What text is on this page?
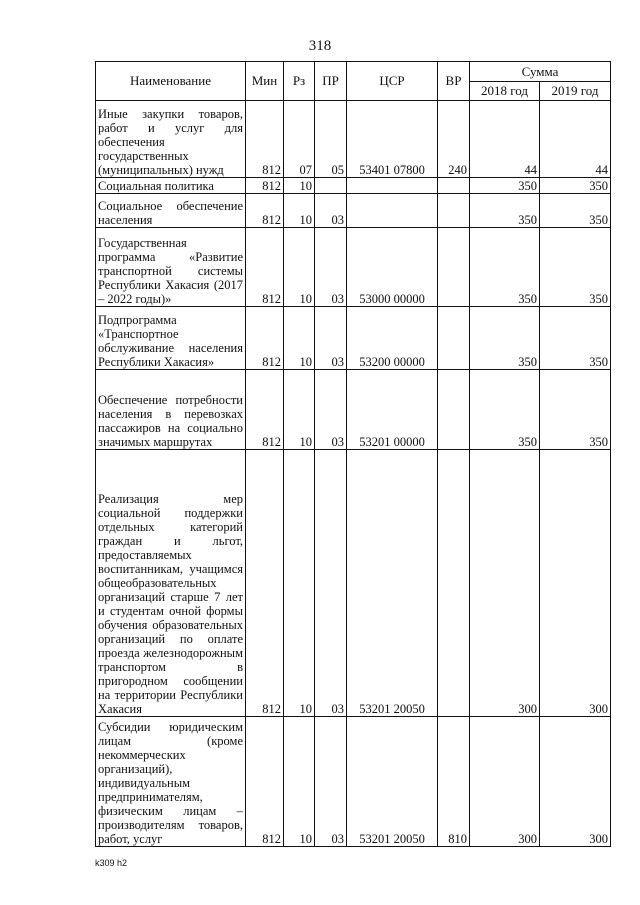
318
Наименование	Мин	Рз	ПР	ЦСР	ВР	Сумма	
						2018 год	2019 год
Иные закупки товаров, работ и услуг для обеспечения государственных (муниципальных) нужд	812	07	05	53401 07800	240	44	44
Социальная политика	812	10				350	350
Социальное обеспечение населения	812	10	03			350	350
Государственная программа «Развитие транспортной системы Республики Хакасия (2017 – 2022 годы)»	812	10	03	53000 00000		350	350
Подпрограмма «Транспортное обслуживание населения Республики Хакасия»	812	10	03	53200 00000		350	350
Обеспечение потребности населения в перевозках пассажиров на социально значимых маршрутах	812	10	03	53201 00000		350	350
Реализация мер социальной поддержки отдельных категорий граждан и льгот, предоставляемых воспитанникам, учащимся общеобразовательных организаций старше 7 лет и студентам очной формы обучения образовательных организаций по оплате проезда железнодорожным транспортом в пригородном сообщении на территории Республики Хакасия	812	10	03	53201 20050		300	300
Субсидии юридическим лицам (кроме некоммерческих организаций), индивидуальным предпринимателям, физическим лицам – производителям товаров, работ, услуг	812	10	03	53201 20050	810	300	300
k309 h2
